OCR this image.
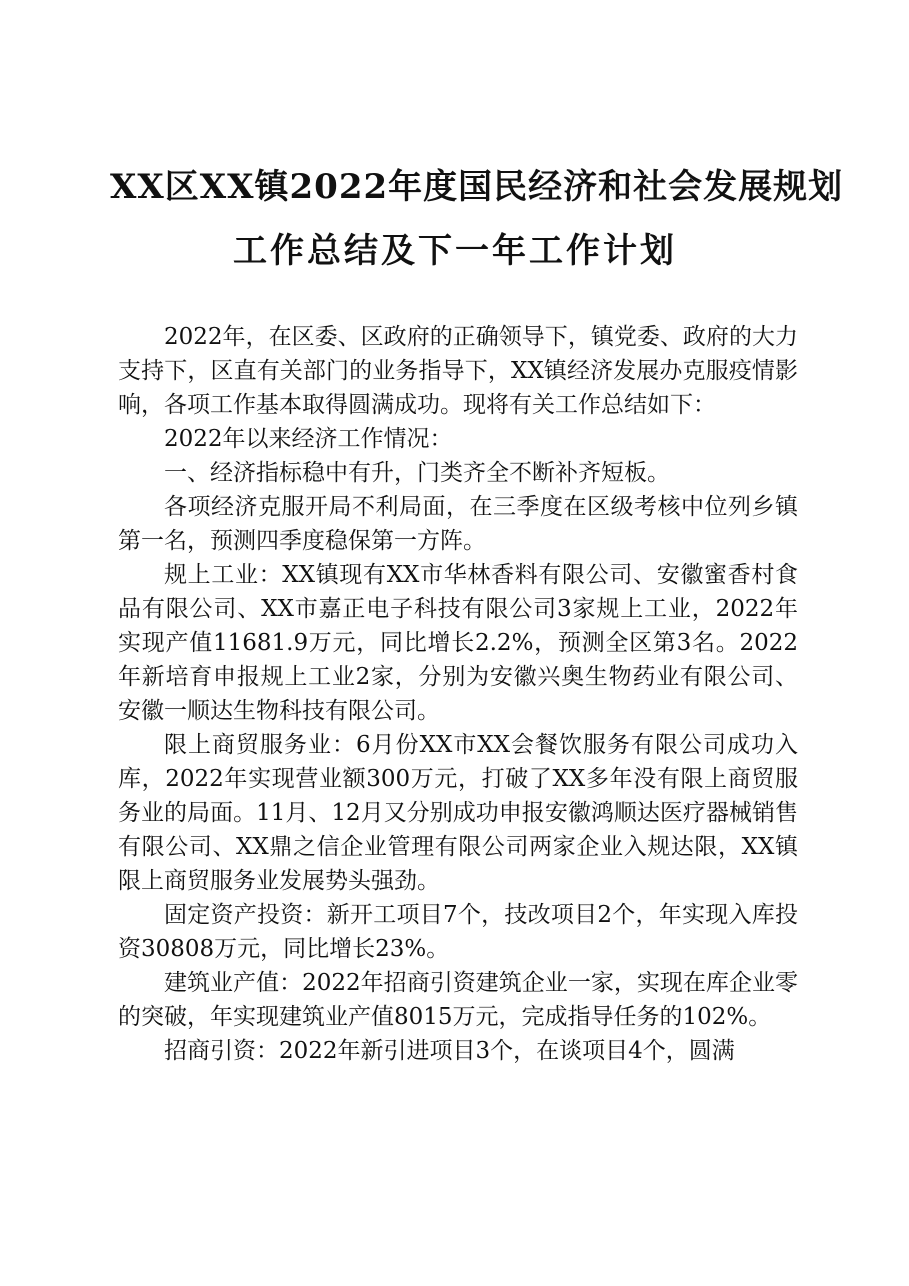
XX区XX镇2022年度国民经济和社会发展规划
工作总结及下一年工作计划

2022年，在区委、区政府的正确领导下，镇党委、政府的大力支持下，区直有关部门的业务指导下，XX镇经济发展办克服疫情影响，各项工作基本取得圆满成功。现将有关工作总结如下：

2022年以来经济工作情况：

一、经济指标稳中有升，门类齐全不断补齐短板。

各项经济克服开局不利局面，在三季度在区级考核中位列乡镇第一名，预测四季度稳保第一方阵。

规上工业：XX镇现有XX市华林香料有限公司、安徽蜜香村食品有限公司、XX市嘉正电子科技有限公司3家规上工业，2022年实现产值11681.9万元，同比增长2.2%，预测全区第3名。2022年新培育申报规上工业2家，分别为安徽兴奥生物药业有限公司、安徽一顺达生物科技有限公司。

限上商贸服务业：6月份XX市XX会餐饮服务有限公司成功入库，2022年实现营业额300万元，打破了XX多年没有限上商贸服务业的局面。11月、12月又分别成功申报安徽鸿顺达医疗器械销售有限公司、XX鼎之信企业管理有限公司两家企业入规达限，XX镇限上商贸服务业发展势头强劲。

固定资产投资：新开工项目7个，技改项目2个，年实现入库投资30808万元，同比增长23%。

建筑业产值：2022年招商引资建筑企业一家，实现在库企业零的突破，年实现建筑业产值8015万元，完成指导任务的102%。

招商引资：2022年新引进项目3个，在谈项目4个，圆满
